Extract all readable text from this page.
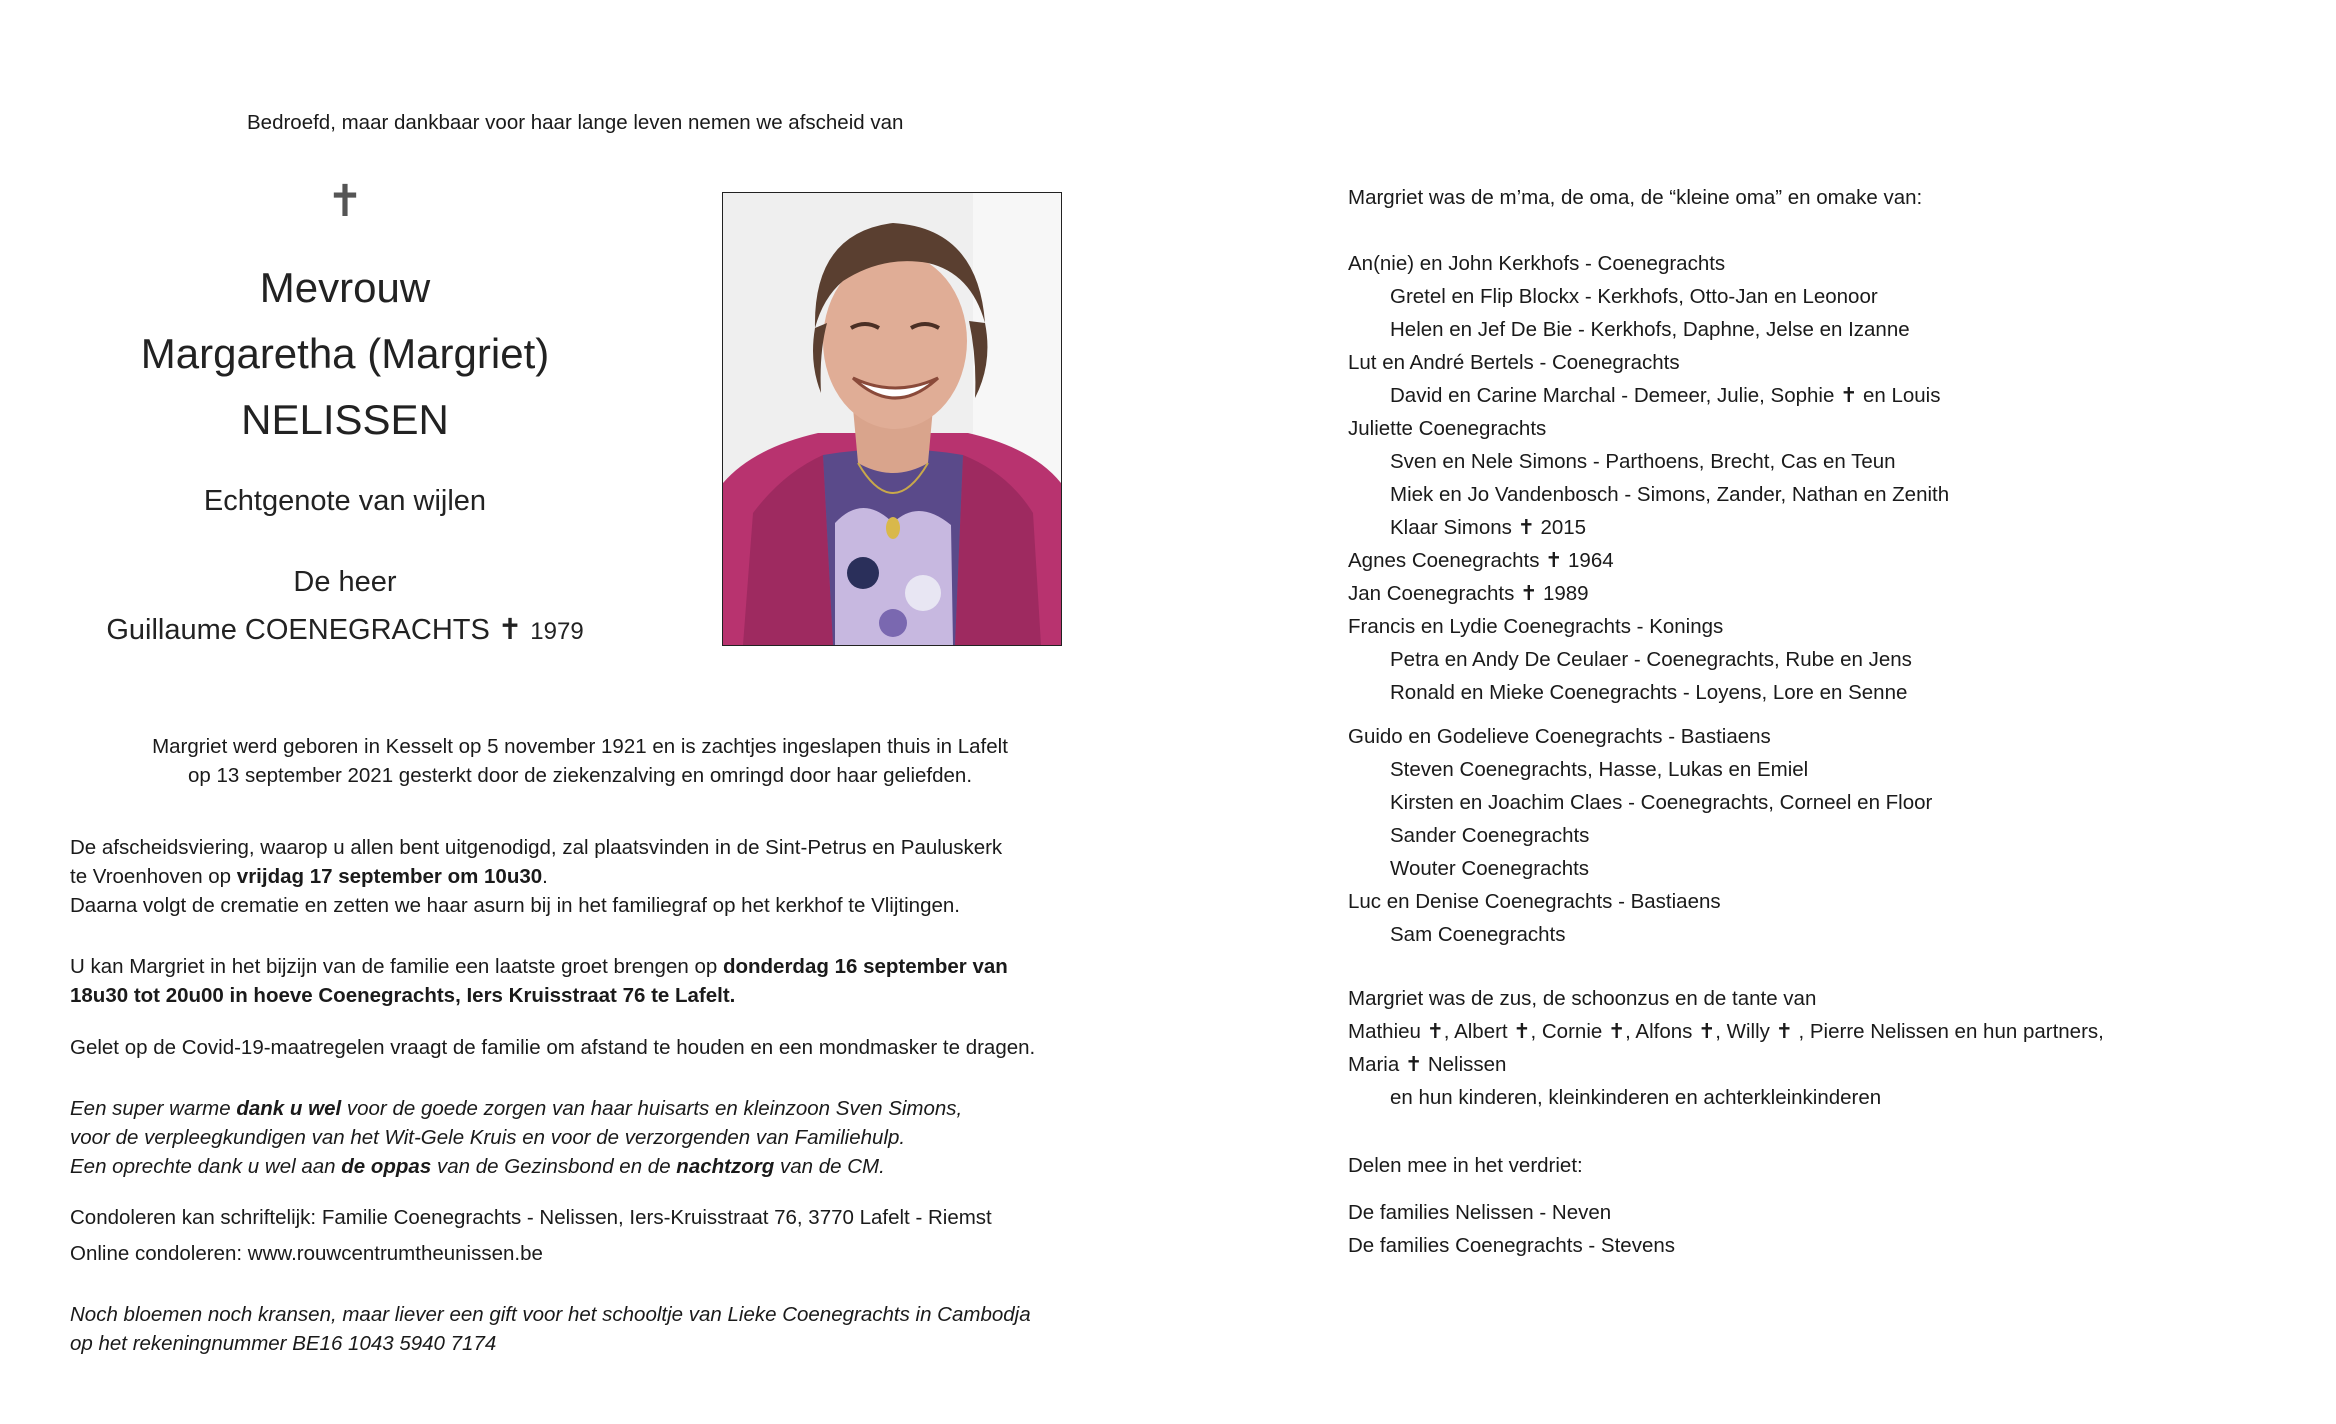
Bedroefd, maar dankbaar voor haar lange leven nemen we afscheid van
✝
Mevrouw
Margaretha (Margriet)
NELISSEN
Echtgenote van wijlen
De heer
Guillaume COENEGRACHTS ✝ 1979
Margriet werd geboren in Kesselt op 5 november 1921 en is zachtjes ingeslapen thuis in Lafelt
op 13 september 2021 gesterkt door de ziekenzalving en omringd door haar geliefden.
De afscheidsviering, waarop u allen bent uitgenodigd, zal plaatsvinden in de Sint-Petrus en Pauluskerk
te Vroenhoven op vrijdag 17 september om 10u30.
Daarna volgt de crematie en zetten we haar asurn bij in het familiegraf op het kerkhof te Vlijtingen.
U kan Margriet in het bijzijn van de familie een laatste groet brengen op donderdag 16 september van
18u30 tot 20u00 in hoeve Coenegrachts, Iers Kruisstraat 76 te Lafelt.
Gelet op de Covid-19-maatregelen vraagt de familie om afstand te houden en een mondmasker te dragen.
Een super warme dank u wel voor de goede zorgen van haar huisarts en kleinzoon Sven Simons,
voor de verpleegkundigen van het Wit-Gele Kruis en voor de verzorgenden van Familiehulp.
Een oprechte dank u wel aan de oppas van de Gezinsbond en de nachtzorg van de CM.
Condoleren kan schriftelijk: Familie Coenegrachts - Nelissen, Iers-Kruisstraat 76, 3770 Lafelt - Riemst
Online condoleren: www.rouwcentrumtheunissen.be
Noch bloemen noch kransen, maar liever een gift voor het schooltje van Lieke Coenegrachts in Cambodja
op het rekeningnummer BE16 1043 5940 7174
Margriet was de m’ma, de oma, de “kleine oma” en omake van:
An(nie) en John Kerkhofs - Coenegrachts
Gretel en Flip Blockx - Kerkhofs, Otto-Jan en Leonoor
Helen en Jef De Bie - Kerkhofs, Daphne, Jelse en Izanne
Lut en André Bertels - Coenegrachts
David en Carine Marchal - Demeer, Julie, Sophie ✝ en Louis
Juliette Coenegrachts
Sven en Nele Simons - Parthoens, Brecht, Cas en Teun
Miek en Jo Vandenbosch - Simons, Zander, Nathan en Zenith
Klaar Simons ✝ 2015
Agnes Coenegrachts ✝ 1964
Jan Coenegrachts ✝ 1989
Francis en Lydie Coenegrachts - Konings
Petra en Andy De Ceulaer - Coenegrachts, Rube en Jens
Ronald en Mieke Coenegrachts - Loyens, Lore en Senne
Guido en Godelieve Coenegrachts - Bastiaens
Steven Coenegrachts, Hasse, Lukas en Emiel
Kirsten en Joachim Claes - Coenegrachts, Corneel en Floor
Sander Coenegrachts
Wouter Coenegrachts
Luc en Denise Coenegrachts - Bastiaens
Sam Coenegrachts
Margriet was de zus, de schoonzus en de tante van
Mathieu ✝, Albert ✝, Cornie ✝, Alfons ✝, Willy ✝ , Pierre Nelissen en hun partners,
Maria ✝ Nelissen
en hun kinderen, kleinkinderen en achterkleinkinderen
Delen mee in het verdriet:
De families Nelissen - Neven
De families Coenegrachts - Stevens
